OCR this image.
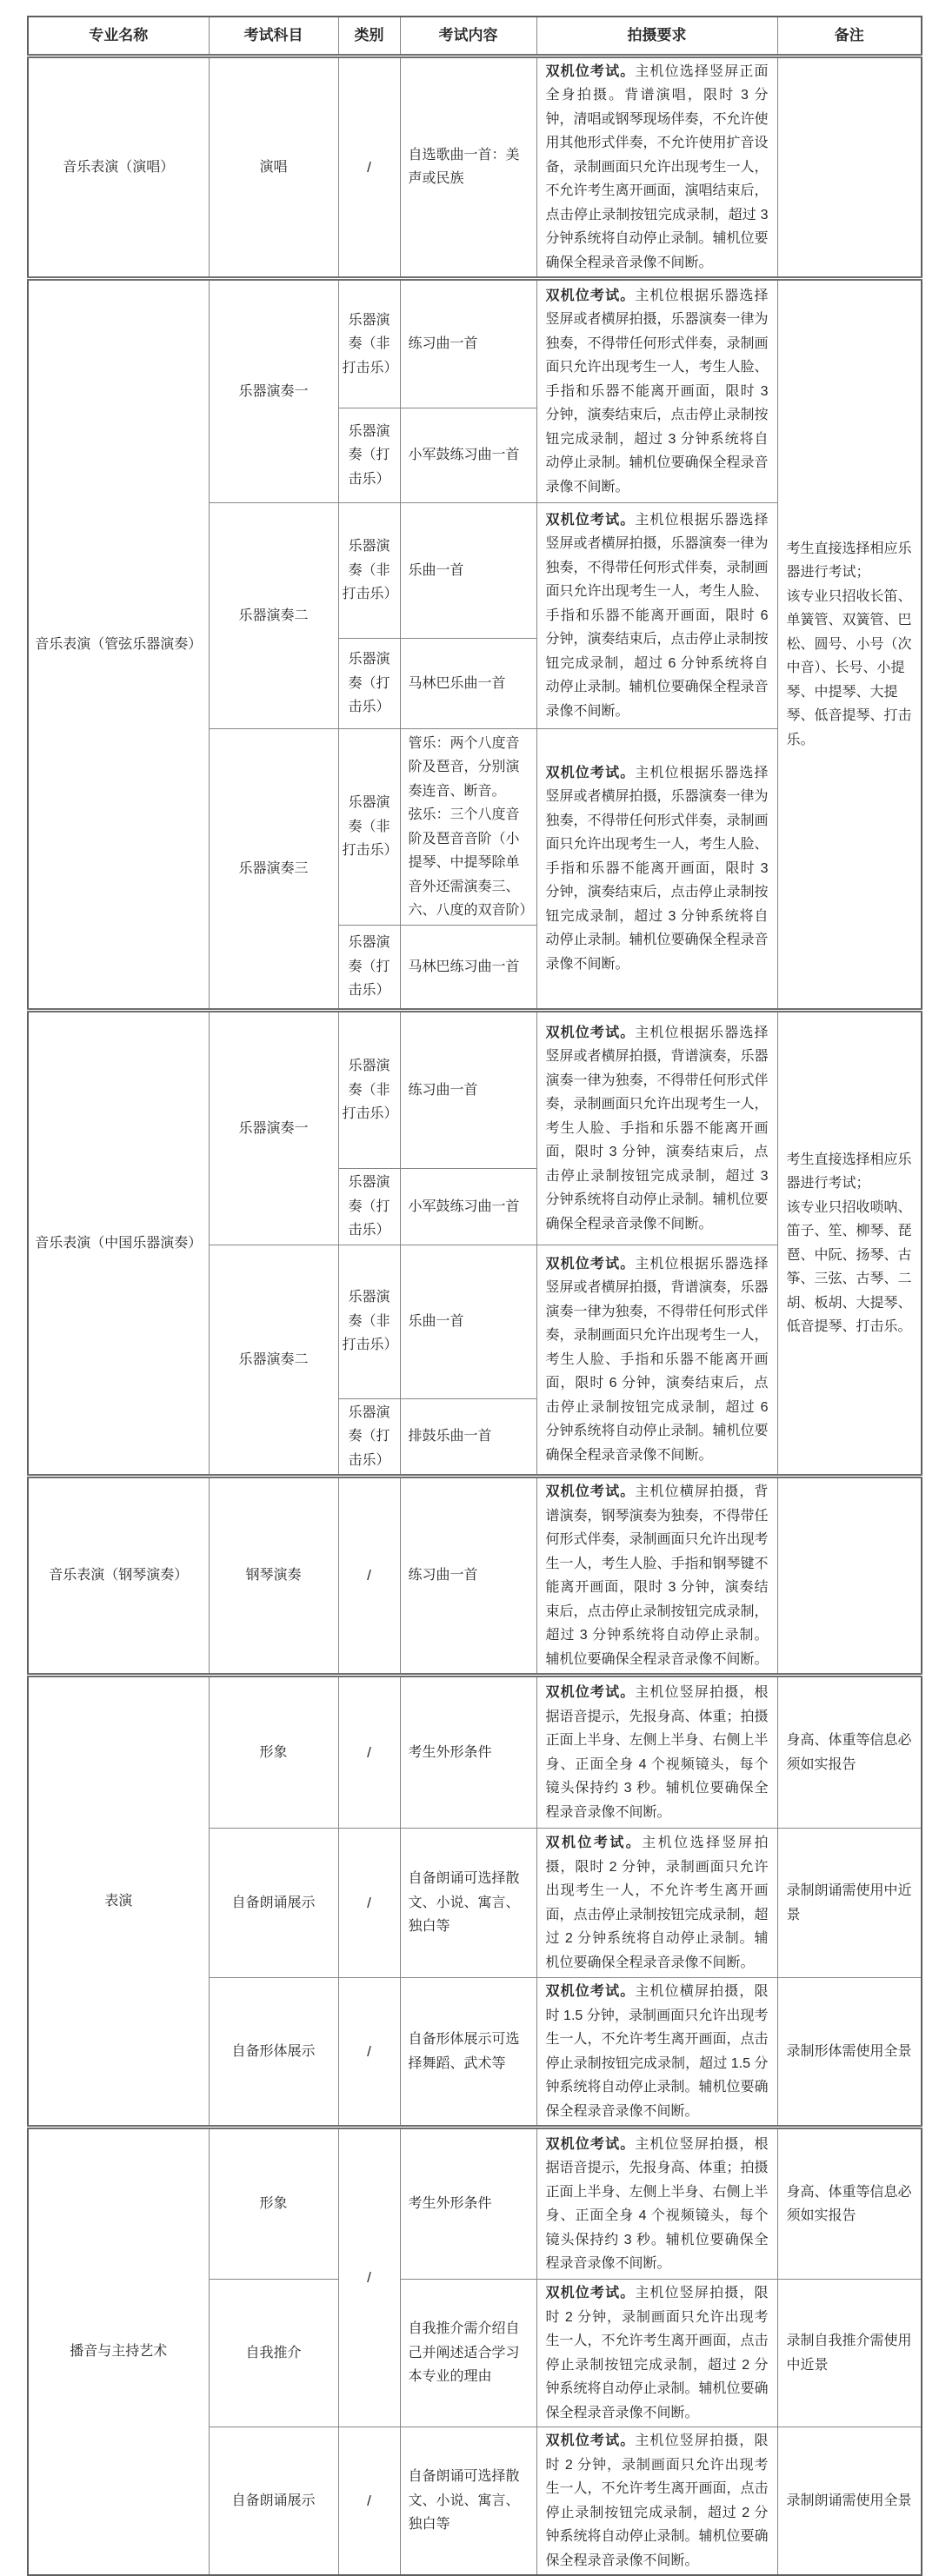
专业名称	考试科目	类别	考试内容	拍摄要求	备注
音乐表演（演唱）	演唱	/	自选歌曲一首：美声或民族	双机位考试。主机位选择竖屏正面全身拍摄。背谱演唱，限时 3 分钟，清唱或钢琴现场伴奏，不允许使用其他形式伴奏，不允许使用扩音设备，录制画面只允许出现考生一人，不允许考生离开画面，演唱结束后，点击停止录制按钮完成录制，超过 3 分钟系统将自动停止录制。辅机位要确保全程录音录像不间断。	
音乐表演（管弦乐器演奏）	乐器演奏一	乐器演奏（非打击乐）	练习曲一首	双机位考试。主机位根据乐器选择竖屏或者横屏拍摄，乐器演奏一律为独奏，不得带任何形式伴奏，录制画面只允许出现考生一人，考生人脸、手指和乐器不能离开画面，限时 3 分钟，演奏结束后，点击停止录制按钮完成录制，超过 3 分钟系统将自动停止录制。辅机位要确保全程录音录像不间断。	考生直接选择相应乐器进行考试；
该专业只招收长笛、单簧管、双簧管、巴松、圆号、小号（次中音）、长号、小提琴、中提琴、大提琴、低音提琴、打击乐。

		乐器演奏（打击乐）	小军鼓练习曲一首		
	乐器演奏二	乐器演奏（非打击乐）	乐曲一首	双机位考试。主机位根据乐器选择竖屏或者横屏拍摄，乐器演奏一律为独奏，不得带任何形式伴奏，录制画面只允许出现考生一人，考生人脸、手指和乐器不能离开画面，限时 6 分钟，演奏结束后，点击停止录制按钮完成录制，超过 6 分钟系统将自动停止录制。辅机位要确保全程录音录像不间断。	
		乐器演奏（打击乐）	马林巴乐曲一首		
	乐器演奏三	乐器演奏（非打击乐）	管乐：两个八度音阶及琶音，分别演奏连音、断音。
弦乐：三个八度音阶及琶音音阶（小提琴、中提琴除单音外还需演奏三、六、八度的双音阶）	双机位考试。主机位根据乐器选择竖屏或者横屏拍摄，乐器演奏一律为独奏，不得带任何形式伴奏，录制画面只允许出现考生一人，考生人脸、手指和乐器不能离开画面，限时 3 分钟，演奏结束后，点击停止录制按钮完成录制，超过 3 分钟系统将自动停止录制。辅机位要确保全程录音录像不间断。	
		乐器演奏（打击乐）	马林巴练习曲一首		
音乐表演（中国乐器演奏）	乐器演奏一	乐器演奏（非打击乐）	练习曲一首	双机位考试。主机位根据乐器选择竖屏或者横屏拍摄，背谱演奏，乐器演奏一律为独奏，不得带任何形式伴奏，录制画面只允许出现考生一人，考生人脸、手指和乐器不能离开画面，限时 3 分钟，演奏结束后，点击停止录制按钮完成录制，超过 3 分钟系统将自动停止录制。辅机位要确保全程录音录像不间断。	考生直接选择相应乐器进行考试；
该专业只招收唢呐、笛子、笙、柳琴、琵琶、中阮、扬琴、古筝、三弦、古琴、二胡、板胡、大提琴、低音提琴、打击乐。

		乐器演奏（打击乐）	小军鼓练习曲一首		
	乐器演奏二	乐器演奏（非打击乐）	乐曲一首	双机位考试。主机位根据乐器选择竖屏或者横屏拍摄，背谱演奏，乐器演奏一律为独奏，不得带任何形式伴奏，录制画面只允许出现考生一人，考生人脸、手指和乐器不能离开画面，限时 6 分钟，演奏结束后，点击停止录制按钮完成录制，超过 6 分钟系统将自动停止录制。辅机位要确保全程录音录像不间断。	
		乐器演奏（打击乐）	排鼓乐曲一首		
音乐表演（钢琴演奏）	钢琴演奏	/	练习曲一首	双机位考试。主机位横屏拍摄，背谱演奏，钢琴演奏为独奏，不得带任何形式伴奏，录制画面只允许出现考生一人，考生人脸、手指和钢琴键不能离开画面，限时 3 分钟，演奏结束后，点击停止录制按钮完成录制，超过 3 分钟系统将自动停止录制。辅机位要确保全程录音录像不间断。	
表演	形象	/	考生外形条件	双机位考试。主机位竖屏拍摄，根据语音提示，先报身高、体重；拍摄正面上半身、左侧上半身、右侧上半身、正面全身 4 个视频镜头，每个镜头保持约 3 秒。辅机位要确保全程录音录像不间断。	身高、体重等信息必须如实报告
	自备朗诵展示	/	自备朗诵可选择散文、小说、寓言、独白等	双机位考试。主机位选择竖屏拍摄，限时 2 分钟，录制画面只允许出现考生一人，不允许考生离开画面，点击停止录制按钮完成录制，超过 2 分钟系统将自动停止录制。辅机位要确保全程录音录像不间断。	录制朗诵需使用中近景
	自备形体展示	/	自备形体展示可选择舞蹈、武术等	双机位考试。主机位横屏拍摄，限时 1.5 分钟，录制画面只允许出现考生一人，不允许考生离开画面，点击停止录制按钮完成录制，超过 1.5 分钟系统将自动停止录制。辅机位要确保全程录音录像不间断。	录制形体需使用全景
播音与主持艺术	形象	/	考生外形条件	双机位考试。主机位竖屏拍摄，根据语音提示，先报身高、体重；拍摄正面上半身、左侧上半身、右侧上半身、正面全身 4 个视频镜头，每个镜头保持约 3 秒。辅机位要确保全程录音录像不间断。	身高、体重等信息必须如实报告
	自我推介		自我推介需介绍自己并阐述适合学习本专业的理由	双机位考试。主机位竖屏拍摄，限时 2 分钟，录制画面只允许出现考生一人，不允许考生离开画面，点击停止录制按钮完成录制，超过 2 分钟系统将自动停止录制。辅机位要确保全程录音录像不间断。	录制自我推介需使用中近景
	自备朗诵展示	/	自备朗诵可选择散文、小说、寓言、独白等	双机位考试。主机位竖屏拍摄，限时 2 分钟，录制画面只允许出现考生一人，不允许考生离开画面，点击停止录制按钮完成录制，超过 2 分钟系统将自动停止录制。辅机位要确保全程录音录像不间断。	录制朗诵需使用全景
